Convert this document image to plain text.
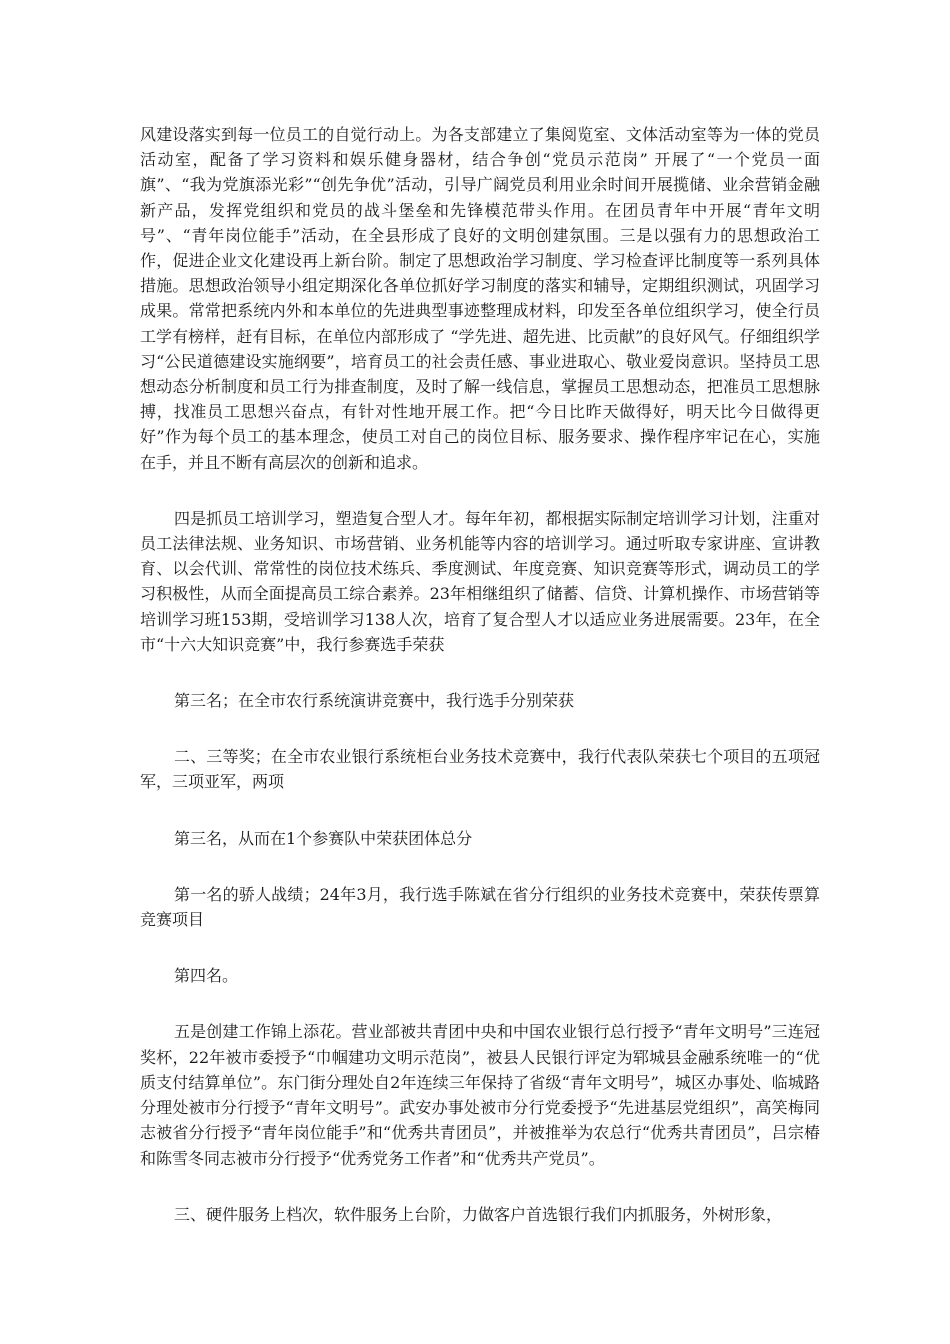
风建设落实到每一位员工的自觉行动上。为各支部建立了集阅览室、文体活动室等为一体的党员活动室，配备了学习资料和娱乐健身器材，结合争创“党员示范岗” 开展了“一个党员一面旗”、“我为党旗添光彩”“创先争优”活动，引导广阔党员利用业余时间开展揽储、业余营销金融新产品，发挥党组织和党员的战斗堡垒和先锋模范带头作用。在团员青年中开展“青年文明号”、“青年岗位能手”活动，在全县形成了良好的文明创建氛围。三是以强有力的思想政治工作，促进企业文化建设再上新台阶。制定了思想政治学习制度、学习检查评比制度等一系列具体措施。思想政治领导小组定期深化各单位抓好学习制度的落实和辅导，定期组织测试，巩固学习成果。常常把系统内外和本单位的先进典型事迹整理成材料，印发至各单位组织学习，使全行员工学有榜样，赶有目标，在单位内部形成了 “学先进、超先进、比贡献”的良好风气。仔细组织学习“公民道德建设实施纲要”，培育员工的社会责任感、事业进取心、敬业爱岗意识。坚持员工思想动态分析制度和员工行为排查制度，及时了解一线信息，掌握员工思想动态，把准员工思想脉搏，找准员工思想兴奋点，有针对性地开展工作。把“今日比昨天做得好，明天比今日做得更好”作为每个员工的基本理念，使员工对自己的岗位目标、服务要求、操作程序牢记在心，实施在手，并且不断有高层次的创新和追求。

四是抓员工培训学习，塑造复合型人才。每年年初，都根据实际制定培训学习计划，注重对员工法律法规、业务知识、市场营销、业务机能等内容的培训学习。通过听取专家讲座、宣讲教育、以会代训、常常性的岗位技术练兵、季度测试、年度竞赛、知识竞赛等形式，调动员工的学习积极性，从而全面提高员工综合素养。23年相继组织了储蓄、信贷、计算机操作、市场营销等培训学习班153期，受培训学习138人次，培育了复合型人才以适应业务进展需要。23年，在全市“十六大知识竞赛”中，我行参赛选手荣获

第三名；在全市农行系统演讲竞赛中，我行选手分别荣获

二、三等奖；在全市农业银行系统柜台业务技术竞赛中，我行代表队荣获七个项目的五项冠军，三项亚军，两项

第三名，从而在1个参赛队中荣获团体总分

第一名的骄人战绩；24年3月，我行选手陈斌在省分行组织的业务技术竞赛中，荣获传票算竞赛项目

第四名。

五是创建工作锦上添花。营业部被共青团中央和中国农业银行总行授予“青年文明号”三连冠奖杯，22年被市委授予“巾帼建功文明示范岗”，被县人民银行评定为郓城县金融系统唯一的“优质支付结算单位”。东门街分理处自2年连续三年保持了省级“青年文明号”，城区办事处、临城路分理处被市分行授予“青年文明号”。武安办事处被市分行党委授予“先进基层党组织”，高笑梅同志被省分行授予“青年岗位能手”和“优秀共青团员”，并被推举为农总行“优秀共青团员”，吕宗椿和陈雪冬同志被市分行授予“优秀党务工作者”和“优秀共产党员”。

三、硬件服务上档次，软件服务上台阶，力做客户首选银行我们内抓服务，外树形象，
